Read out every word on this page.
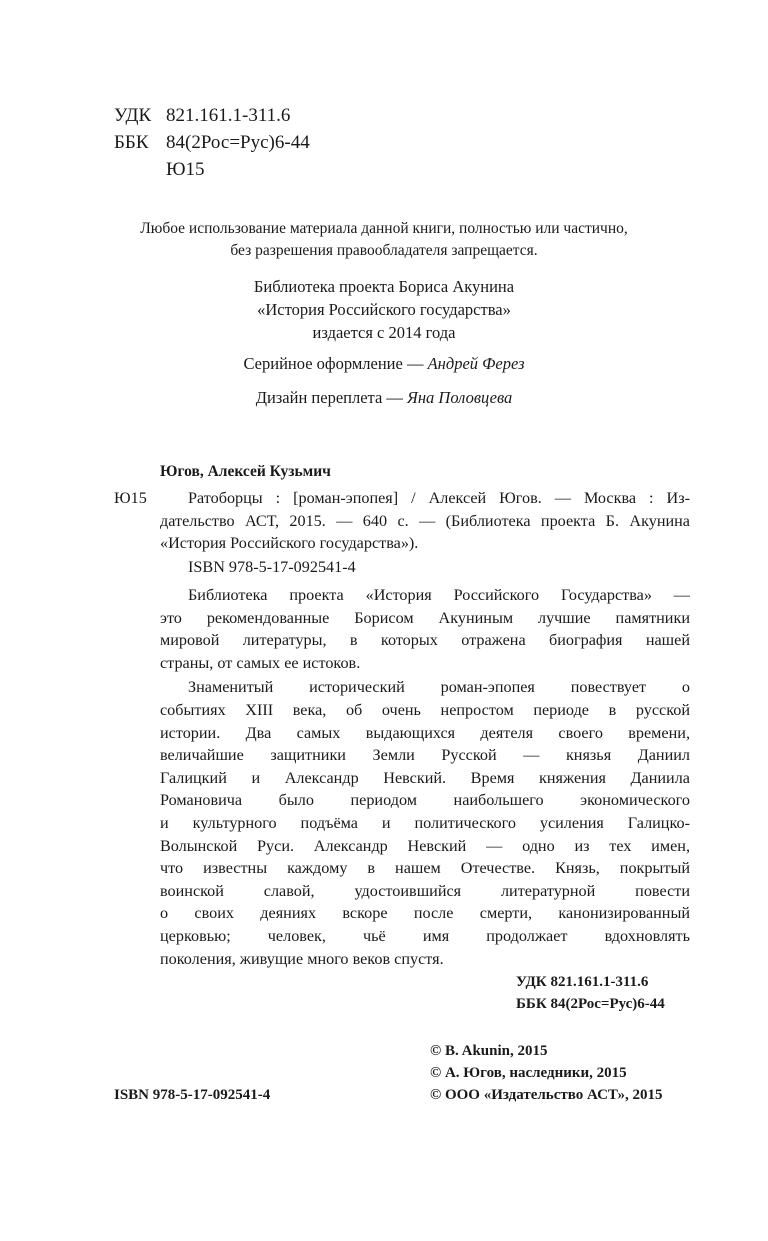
УДК 821.161.1-311.6
ББК 84(2Рос=Рус)6-44
Ю15
Любое использование материала данной книги, полностью или частично,
без разрешения правообладателя запрещается.
Библиотека проекта Бориса Акунина
«История Российского государства»
издается с 2014 года
Серийное оформление — Андрей Ферез
Дизайн переплета — Яна Половцева
Югов, Алексей Кузьмич
Ю15	Ратоборцы : [роман-эпопея] / Алексей Югов. — Москва : Из-
дательство АСТ, 2015. — 640 с. — (Библиотека проекта Б. Акунина
«История Российского государства»).
ISBN 978-5-17-092541-4
Библиотека проекта «История Российского Государства» —
это рекомендованные Борисом Акуниным лучшие памятники
мировой литературы, в которых отражена биография нашей
страны, от самых ее истоков.
Знаменитый исторический роман-эпопея повествует о
событиях XIII века, об очень непростом периоде в русской
истории. Два самых выдающихся деятеля своего времени,
величайшие защитники Земли Русской — князья Даниил
Галицкий и Александр Невский. Время княжения Даниила
Романовича было периодом наибольшего экономического
и культурного подъёма и политического усиления Галицко-
Волынской Руси. Александр Невский — одно из тех имен,
что известны каждому в нашем Отечестве. Князь, покрытый
воинской славой, удостоившийся литературной повести
о своих деяниях вскоре после смерти, канонизированный
церковью; человек, чьё имя продолжает вдохновлять
поколения, живущие много веков спустя.
УДК 821.161.1-311.6
ББК 84(2Рос=Рус)6-44
© B. Akunin, 2015
© А. Югов, наследники, 2015
© ООО «Издательство АСТ», 2015
ISBN 978-5-17-092541-4
